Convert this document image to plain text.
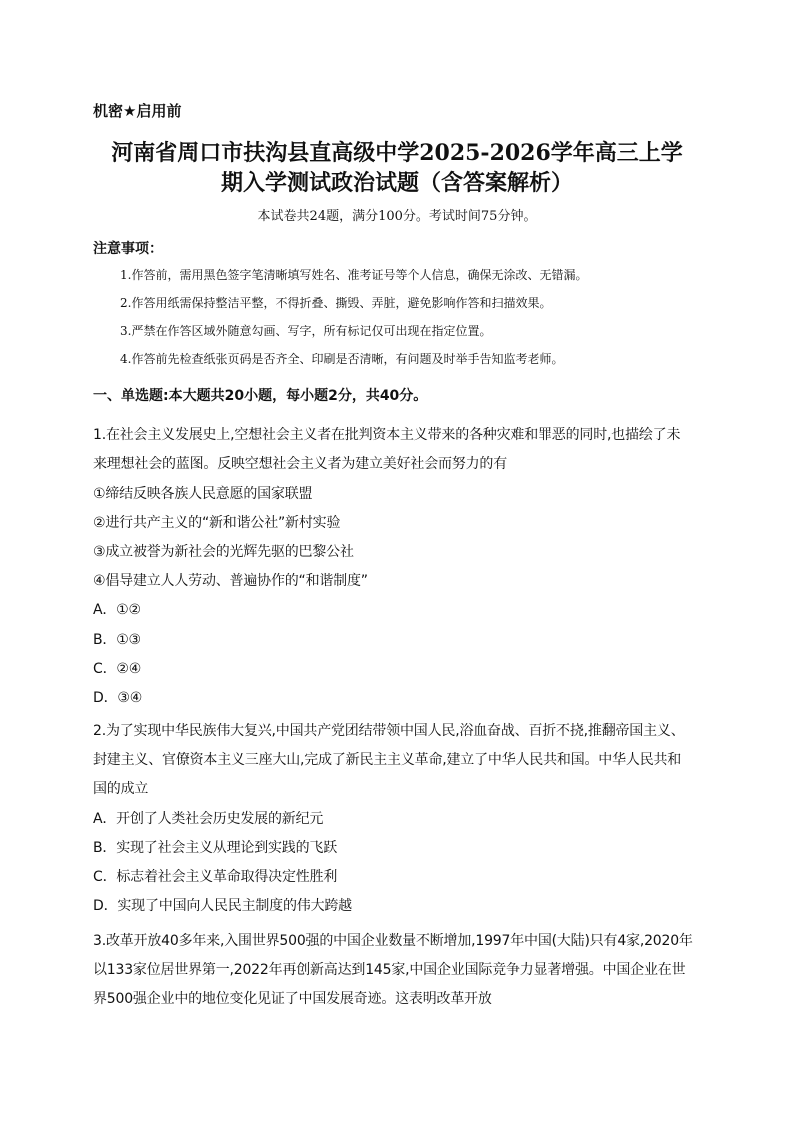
机密★启用前
河南省周口市扶沟县直高级中学2025-2026学年高三上学
期入学测试政治试题（含答案解析）
本试卷共24题，满分100分。考试时间75分钟。
注意事项：
1.作答前，需用黑色签字笔清晰填写姓名、准考证号等个人信息，确保无涂改、无错漏。
2.作答用纸需保持整洁平整，不得折叠、撕毁、弄脏，避免影响作答和扫描效果。
3.严禁在作答区域外随意勾画、写字，所有标记仅可出现在指定位置。
4.作答前先检查纸张页码是否齐全、印刷是否清晰，有问题及时举手告知监考老师。
一、单选题:本大题共20小题，每小题2分，共40分。
1.在社会主义发展史上,空想社会主义者在批判资本主义带来的各种灾难和罪恶的同时,也描绘了未
来理想社会的蓝图。反映空想社会主义者为建立美好社会而努力的有
①缔结反映各族人民意愿的国家联盟
②进行共产主义的“新和谐公社”新村实验
③成立被誉为新社会的光辉先驱的巴黎公社
④倡导建立人人劳动、普遍协作的“和谐制度”
A．①②
B．①③
C．②④
D．③④
2.为了实现中华民族伟大复兴,中国共产党团结带领中国人民,浴血奋战、百折不挠,推翻帝国主义、
封建主义、官僚资本主义三座大山,完成了新民主主义革命,建立了中华人民共和国。中华人民共和
国的成立
A．开创了人类社会历史发展的新纪元
B．实现了社会主义从理论到实践的飞跃
C．标志着社会主义革命取得决定性胜利
D．实现了中国向人民民主制度的伟大跨越
3.改革开放40多年来,入围世界500强的中国企业数量不断增加,1997年中国(大陆)只有4家,2020年
以133家位居世界第一,2022年再创新高达到145家,中国企业国际竞争力显著增强。中国企业在世
界500强企业中的地位变化见证了中国发展奇迹。这表明改革开放
